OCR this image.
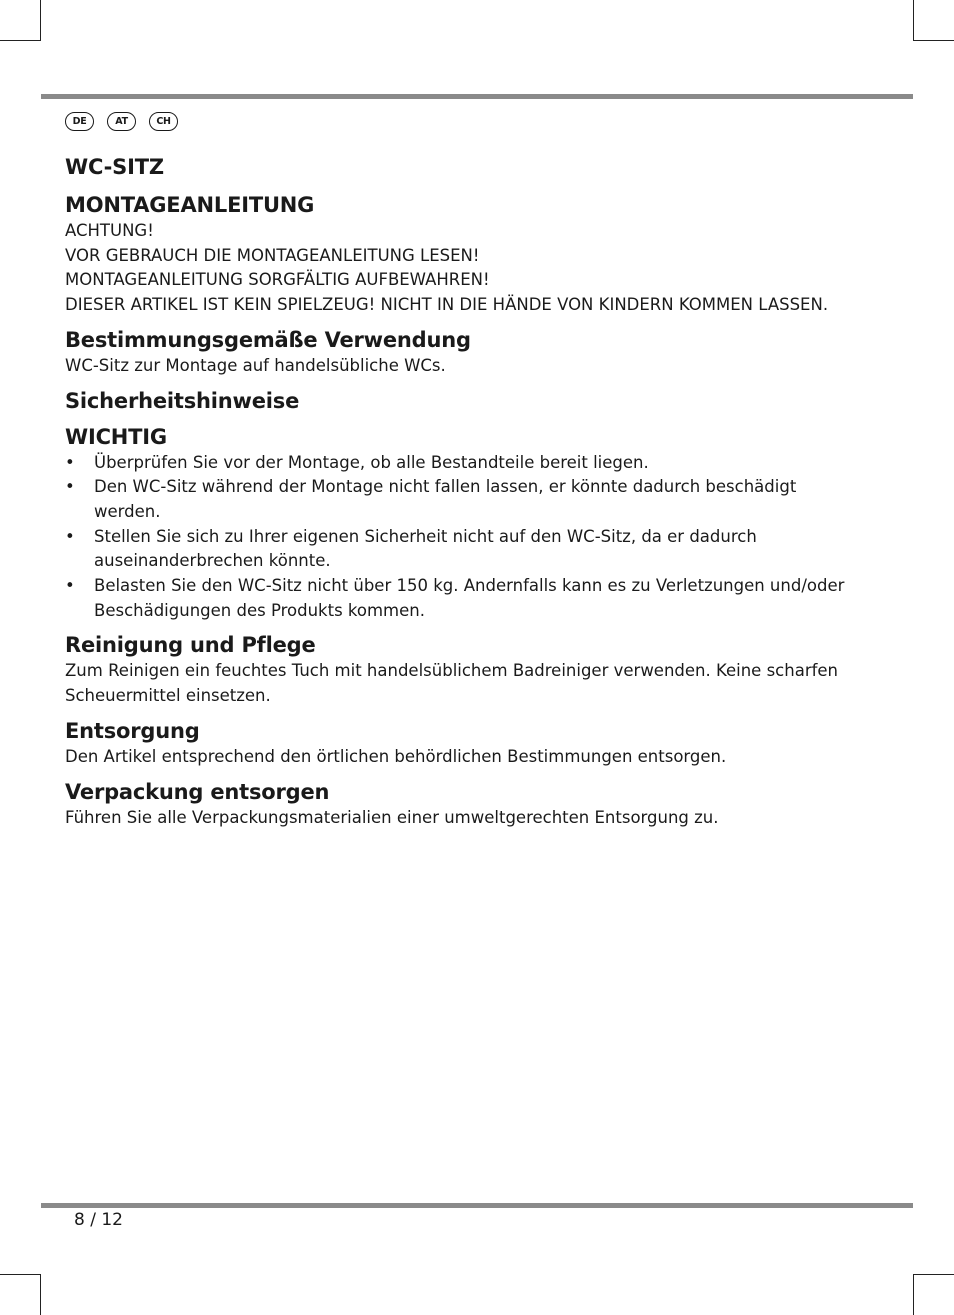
DE	AT	CH
WC-SITZ
MONTAGEANLEITUNG

ACHTUNG!

VOR GEBRAUCH DIE MONTAGEANLEITUNG LESEN!

MONTAGEANLEITUNG SORGFÄLTIG AUFBEWAHREN!

DIESER ARTIKEL IST KEIN SPIELZEUG! NICHT IN DIE HÄNDE VON KINDERN KOMMEN LASSEN.

Bestimmungsgemäße Verwendung

WC-Sitz zur Montage auf handelsübliche WCs.

Sicherheitshinweise
WICHTIG
• Überprüfen Sie vor der Montage, ob alle Bestandteile bereit liegen.
• Den WC-Sitz während der Montage nicht fallen lassen, er könnte dadurch beschädigt werden.
• Stellen Sie sich zu Ihrer eigenen Sicherheit nicht auf den WC-Sitz, da er dadurch auseinanderbrechen könnte.
• Belasten Sie den WC-Sitz nicht über 150 kg. Andernfalls kann es zu Verletzungen und/oder Beschädigungen des Produkts kommen.
Reinigung und Pflege

Zum Reinigen ein feuchtes Tuch mit handelsüblichem Badreiniger verwenden. Keine scharfen Scheuermittel einsetzen.

Entsorgung

Den Artikel entsprechend den örtlichen behördlichen Bestimmungen entsorgen.

Verpackung entsorgen

Führen Sie alle Verpackungsmaterialien einer umweltgerechten Entsorgung zu.

8 / 12
